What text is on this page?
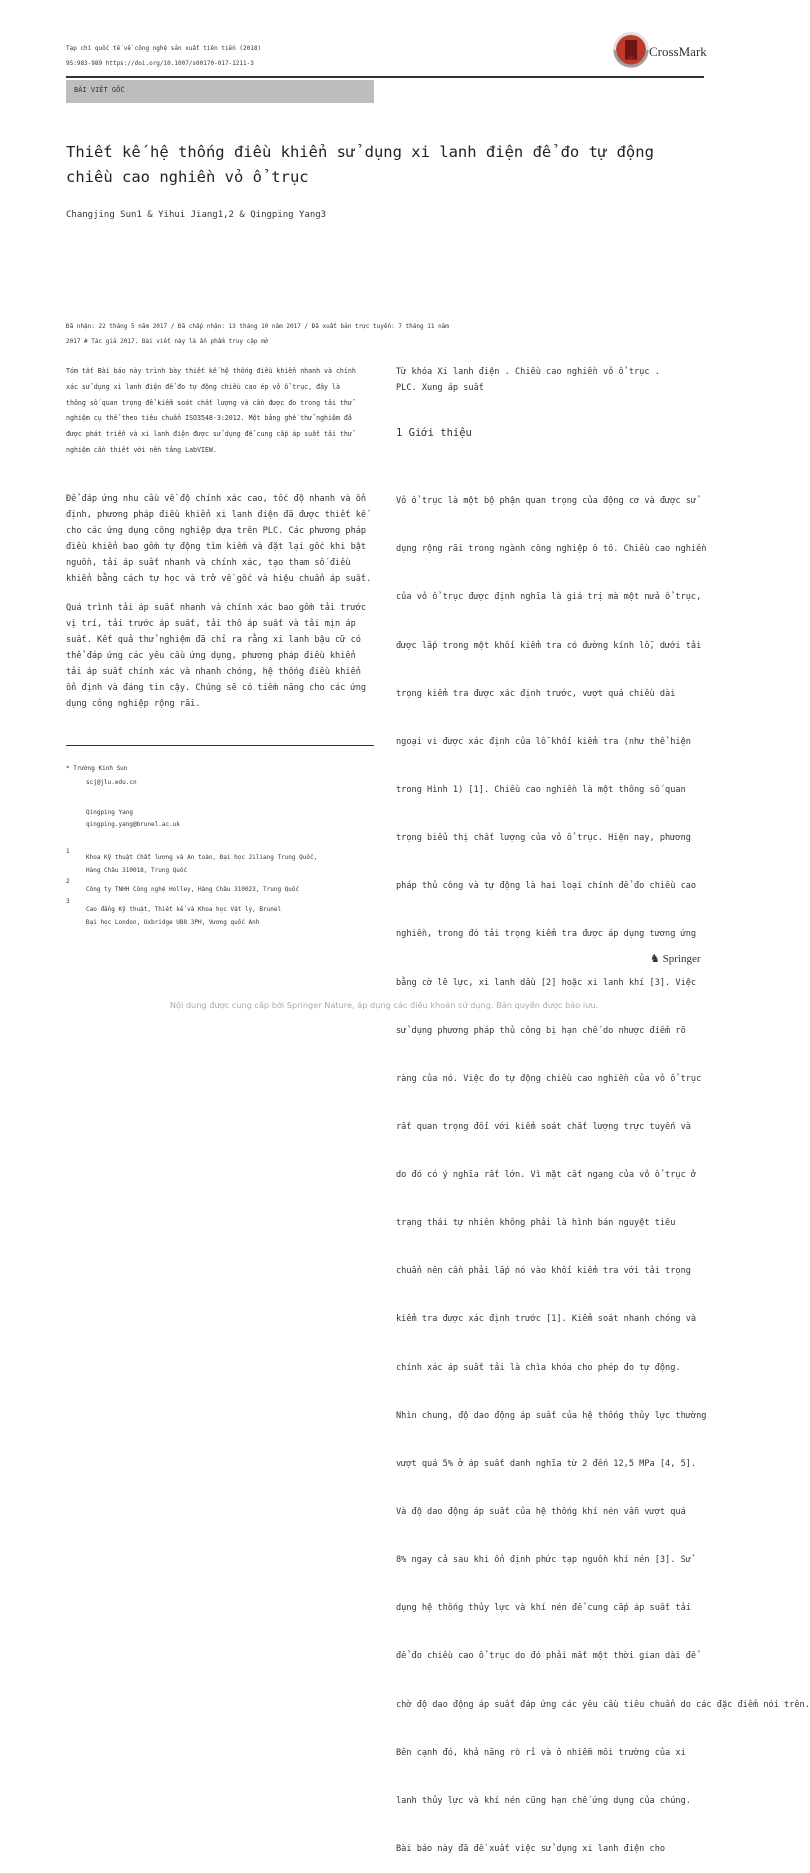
Tạp chí quốc tế về công nghệ sản xuất tiên tiến (2018)
95:983-989 https://doi.org/10.1007/s00170-017-1211-3
CrossMark
BÀI VIẾT GỐC
Thiết kế hệ thống điều khiển sử dụng xi lanh điện để đo tự động
chiều cao nghiền vỏ ổ trục
Changjing Sun1 & Yihui Jiang1,2 & Qingping Yang3
Đã nhận: 22 tháng 5 năm 2017 / Đã chấp nhận: 13 tháng 10 năm 2017 / Đã xuất bản trực tuyến: 7 tháng 11 năm
2017 # Tác giả 2017. Bài viết này là ấn phẩm truy cập mở
Tóm tắt Bài báo này trình bày thiết kế hệ thống điều khiển nhanh và chính
xác sử dụng xi lanh điện để đo tự động chiều cao ép vỏ ổ trục, đây là
thông số quan trọng để kiểm soát chất lượng và cần được đo trong tải thử
nghiệm cụ thể theo tiêu chuẩn ISO3548-3:2012. Một bảng ghế thử nghiệm đã
được phát triển và xi lanh điện được sử dụng để cung cấp áp suất tải thử
nghiệm cần thiết với nền tảng LabVIEW.

Để đáp ứng nhu cầu về độ chính xác cao, tốc độ nhanh và ổn
định, phương pháp điều khiển xi lanh điện đã được thiết kế
cho các ứng dụng công nghiệp dựa trên PLC. Các phương pháp
điều khiển bao gồm tự động tìm kiếm và đặt lại gốc khi bật
nguồn, tải áp suất nhanh và chính xác, tạo tham số điều
khiển bằng cách tự học và trở về gốc và hiệu chuẩn áp suất.

Quá trình tải áp suất nhanh và chính xác bao gồm tải trước
vị trí, tải trước áp suất, tải thô áp suất và tải mịn áp
suất. Kết quả thử nghiệm đã chỉ ra rằng xi lanh bậu cữ có
thể đáp ứng các yêu cầu ứng dụng, phương pháp điều khiển
tải áp suất chính xác và nhanh chóng, hệ thống điều khiển
ổn định và đáng tin cậy. Chúng sẽ có tiềm năng cho các ứng
dụng công nghiệp rộng rãi.

* Trường Kinh Sun
scj@jlu.edu.cn
Qingping Yang
qingping.yang@brunel.ac.uk
1
Khoa Kỹ thuật Chất lượng và An toàn, Đại học Jiliang Trung Quốc,
Hàng Châu 310018, Trung Quốc
2
Công ty TNHH Công nghệ Holley, Hàng Châu 310023, Trung Quốc
3
Cao đẳng Kỹ thuật, Thiết kế và Khoa học Vật lý, Brunel
Đại học London, Uxbridge UB8 3PH, Vương quốc Anh
Từ khóa Xi lanh điện . Chiều cao nghiền vỏ ổ trục .
PLC. Xung áp suất
1 Giới thiệu

Vỏ ổ trục là một bộ phận quan trọng của động cơ và được sử

dụng rộng rãi trong ngành công nghiệp ô tô. Chiều cao nghiền

của vỏ ổ trục được định nghĩa là giá trị mà một nửa ổ trục,

được lắp trong một khối kiểm tra có đường kính lỗ, dưới tải

trọng kiểm tra được xác định trước, vượt quá chiều dài

ngoại vi được xác định của lỗ khối kiểm tra (như thể hiện

trong Hình 1) [1]. Chiều cao nghiền là một thông số quan

trọng biểu thị chất lượng của vỏ ổ trục. Hiện nay, phương

pháp thủ công và tự động là hai loại chính để đo chiều cao

nghiền, trong đó tải trọng kiểm tra được áp dụng tương ứng

bằng cờ lê lực, xi lanh dầu [2] hoặc xi lanh khí [3]. Việc

sử dụng phương pháp thủ công bị hạn chế do nhược điểm rõ

ràng của nó. Việc đo tự động chiều cao nghiền của vỏ ổ trục

rất quan trọng đối với kiểm soát chất lượng trực tuyến và

do đó có ý nghĩa rất lớn. Vì mặt cắt ngang của vỏ ổ trục ở

trạng thái tự nhiên không phải là hình bán nguyệt tiêu

chuẩn nên cần phải lắp nó vào khối kiểm tra với tải trọng

kiểm tra được xác định trước [1]. Kiểm soát nhanh chóng và

chính xác áp suất tải là chìa khóa cho phép đo tự động.

Nhìn chung, độ dao động áp suất của hệ thống thủy lực thường

vượt quá 5% ở áp suất danh nghĩa từ 2 đến 12,5 MPa [4, 5].

Và độ dao động áp suất của hệ thống khí nén vẫn vượt quá

8% ngay cả sau khi ổn định phức tạp nguồn khí nén [3]. Sử

dụng hệ thống thủy lực và khí nén để cung cấp áp suất tải

để đo chiều cao ổ trục do đó phải mất một thời gian dài để

chờ độ dao động áp suất đáp ứng các yêu cầu tiêu chuẩn do các đặc điểm nói trên.

Bên cạnh đó, khả năng rò rỉ và ô nhiễm môi trường của xi

lanh thủy lực và khí nén cũng hạn chế ứng dụng của chúng.

Bài báo này đã đề xuất việc sử dụng xi lanh điện cho

♞ Springer
Nội dung được cung cấp bởi Springer Nature, áp dụng các điều khoản sử dụng. Bản quyền được bảo lưu.
